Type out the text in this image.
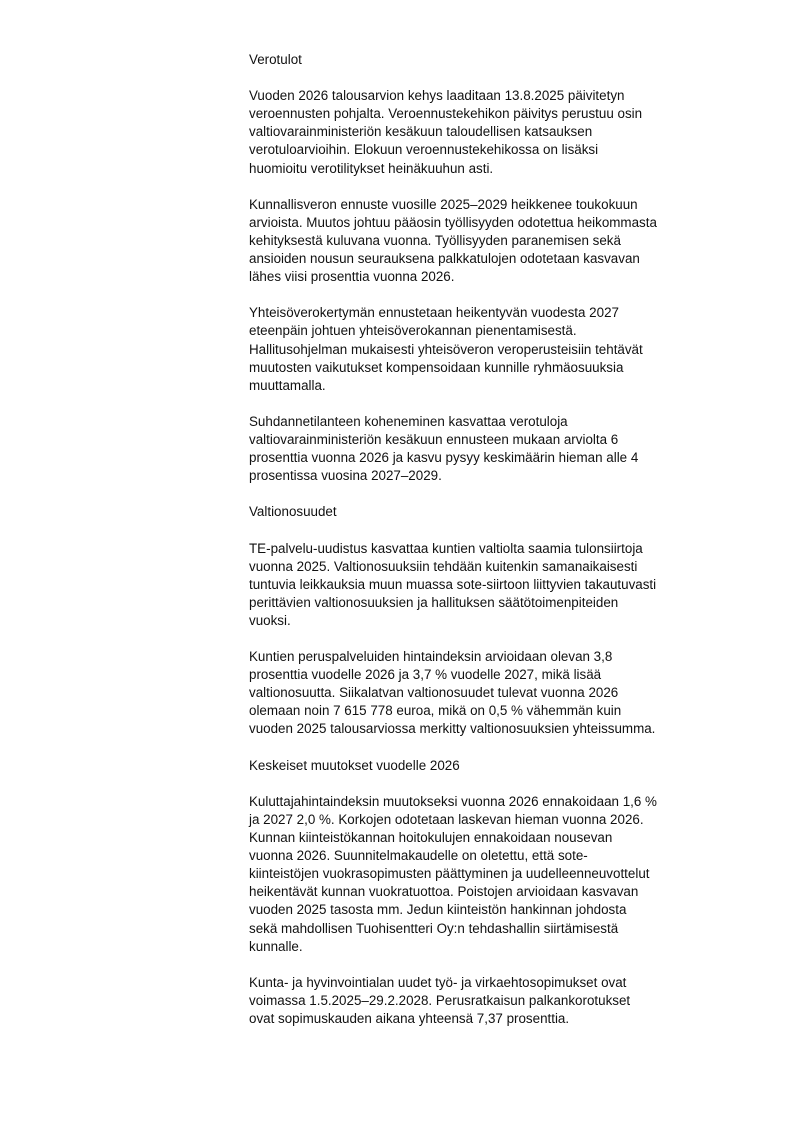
Verotulot
Vuoden 2026 talousarvion kehys laaditaan 13.8.2025 päivitetyn
veroennusten pohjalta. Veroennustekehikon päivitys perustuu osin
valtiovarainministeriön kesäkuun taloudellisen katsauksen
verotuloarvioihin. Elokuun veroennustekehikossa on lisäksi
huomioitu verotilitykset heinäkuuhun asti.
Kunnallisveron ennuste vuosille 2025–2029 heikkenee toukokuun
arvioista. Muutos johtuu pääosin työllisyyden odotettua heikommasta
kehityksestä kuluvana vuonna. Työllisyyden paranemisen sekä
ansioiden nousun seurauksena palkkatulojen odotetaan kasvavan
lähes viisi prosenttia vuonna 2026.
Yhteisöverokertymän ennustetaan heikentyvän vuodesta 2027
eteenpäin johtuen yhteisöverokannan pienentamisestä.
Hallitusohjelman mukaisesti yhteisöveron veroperusteisiin tehtävät
muutosten vaikutukset kompensoidaan kunnille ryhmäosuuksia
muuttamalla.
Suhdannetilanteen koheneminen kasvattaa verotuloja
valtiovarainministeriön kesäkuun ennusteen mukaan arviolta 6
prosenttia vuonna 2026 ja kasvu pysyy keskimäärin hieman alle 4
prosentissa vuosina 2027–2029.
Valtionosuudet
TE-palvelu-uudistus kasvattaa kuntien valtiolta saamia tulonsiirtoja
vuonna 2025. Valtionosuuksiin tehdään kuitenkin samanaikaisesti
tuntuvia leikkauksia muun muassa sote-siirtoon liittyvien takautuvasti
perittävien valtionosuuksien ja hallituksen säätötoimenpiteiden
vuoksi.
Kuntien peruspalveluiden hintaindeksin arvioidaan olevan 3,8
prosenttia vuodelle 2026 ja 3,7 % vuodelle 2027, mikä lisää
valtionosuutta. Siikalatvan valtionosuudet tulevat vuonna 2026
olemaan noin 7 615 778 euroa, mikä on 0,5 % vähemmän kuin
vuoden 2025 talousarviossa merkitty valtionosuuksien yhteissumma.
Keskeiset muutokset vuodelle 2026
Kuluttajahintaindeksin muutokseksi vuonna 2026 ennakoidaan 1,6 %
ja 2027 2,0 %. Korkojen odotetaan laskevan hieman vuonna 2026.
Kunnan kiinteistökannan hoitokulujen ennakoidaan nousevan
vuonna 2026. Suunnitelmakaudelle on oletettu, että sote-
kiinteistöjen vuokrasopimusten päättyminen ja uudelleenneuvottelut
heikentävät kunnan vuokratuottoa. Poistojen arvioidaan kasvavan
vuoden 2025 tasosta mm. Jedun kiinteistön hankinnan johdosta
sekä mahdollisen Tuohisentteri Oy:n tehdashallin siirtämisestä
kunnalle.
Kunta- ja hyvinvointialan uudet työ- ja virkaehtosopimukset ovat
voimassa 1.5.2025–29.2.2028. Perusratkaisun palkankorotukset
ovat sopimuskauden aikana yhteensä 7,37 prosenttia.
